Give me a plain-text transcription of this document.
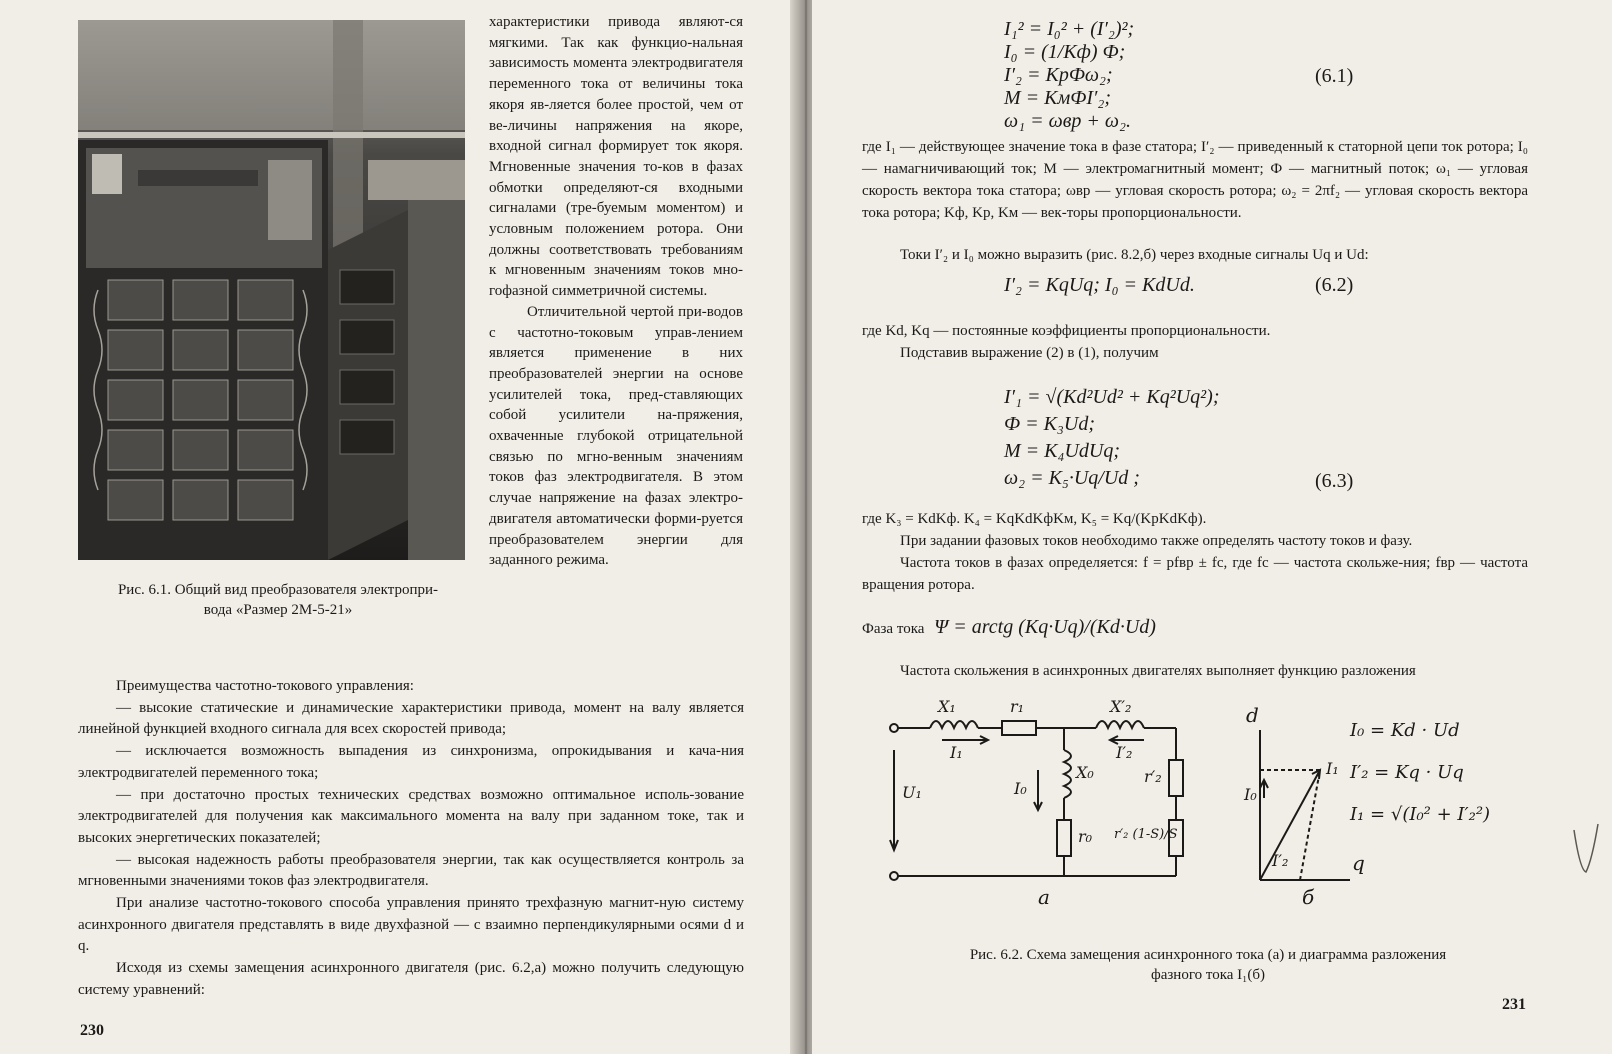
Рис. 6.1. Общий вид преобразователя электропри-
вода «Размер 2М-5-21»

характеристики привода являют-ся мягкими. Так как функцио-нальная зависимость момента электродвигателя переменного тока от величины тока якоря яв-ляется более простой, чем от ве-личины напряжения на якоре, входной сигнал формирует ток якоря. Мгновенные значения то-ков в фазах обмотки определяют-ся входными сигналами (тре-буемым моментом) и условным положением ротора. Они должны соответствовать требованиям к мгновенным значениям токов мно-гофазной симметричной системы.

Отличительной чертой при-водов с частотно-токовым управ-лением является применение в них преобразователей энергии на основе усилителей тока, пред-ставляющих собой усилители на-пряжения, охваченные глубокой отрицательной связью по мгно-венным значениям токов фаз электродвигателя. В этом случае напряжение на фазах электро-двигателя автоматически форми-руется преобразователем энергии для заданного режима.

Преимущества частотно-токового управления:

— высокие статические и динамические характеристики привода, момент на валу является линейной функцией входного сигнала для всех скоростей привода;

— исключается возможность выпадения из синхронизма, опрокидывания и кача-ния электродвигателей переменного тока;

— при достаточно простых технических средствах возможно оптимальное исполь-зование электродвигателей для получения как максимального момента на валу при заданном токе, так и высоких энергетических показателей;

— высокая надежность работы преобразователя энергии, так как осуществляется контроль за мгновенными значениями токов фаз электродвигателя.

При анализе частотно-токового способа управления принято трехфазную магнит-ную систему асинхронного двигателя представлять в виде двухфазной — с взаимно перпендикулярными осями d и q.

Исходя из схемы замещения асинхронного двигателя (рис. 6.2,а) можно получить следующую систему уравнений:

230
I₁² = I₀² + (I′₂)²;
I₀ = (1/Kф) Ф;
I′₂ = KрФω₂;
M = KмФI′₂;
ω₁ = ωвр + ω₂.
(6.1)

где I₁ — действующее значение тока в фазе статора; I′₂ — приведенный к статорной цепи ток ротора; I₀ — намагничивающий ток; M — электромагнитный момент; Ф — магнитный поток; ω₁ — угловая скорость вектора тока статора; ωвр — угловая скорость ротора; ω₂ = 2πf₂ — угловая скорость вектора тока ротора; Kф, Kр, Kм — век-торы пропорциональности.

Токи I′₂ и I₀ можно выразить (рис. 8.2,б) через входные сигналы Uq и Ud:

I′₂ = KqUq; I₀ = KdUd.	(6.2)

где Kd, Kq — постоянные коэффициенты пропорциональности.

Подставив выражение (2) в (1), получим

I′₁ = √(Kd²Ud² + Kq²Uq²);
Ф = K₃Ud;
M = K₄UdUq;
ω₂ = K₅·Uq/Ud ;	(6.3)

где K₃ = KdKф. K₄ = KqKdKфKм, K₅ = Kq/(KрKdKф).

При задании фазовых токов необходимо также определять частоту токов и фазу.

Частота токов в фазах определяется: f = pfвр ± fс, где fс — частота скольже-ния; fвр — частота вращения ротора.

Фаза тока Ψ = arctg (Kq·Uq)/(Kd·Ud)

Частота скольжения в асинхронных двигателях выполняет функцию разложения

X₁	r₁	X′₂
I₁	I′₂
X₀
I₀
r₀
r′₂
r′₂ (1-S)/S
U₁
a
d
q
I₁
I₀
I′₂
б
I₀ = Kd · Ud
I′₂ = Kq · Uq
I₁ = √(I₀² + I′₂²)
Рис. 6.2. Схема замещения асинхронного тока (а) и диаграмма разложения
фазного тока I₁(б)
231
